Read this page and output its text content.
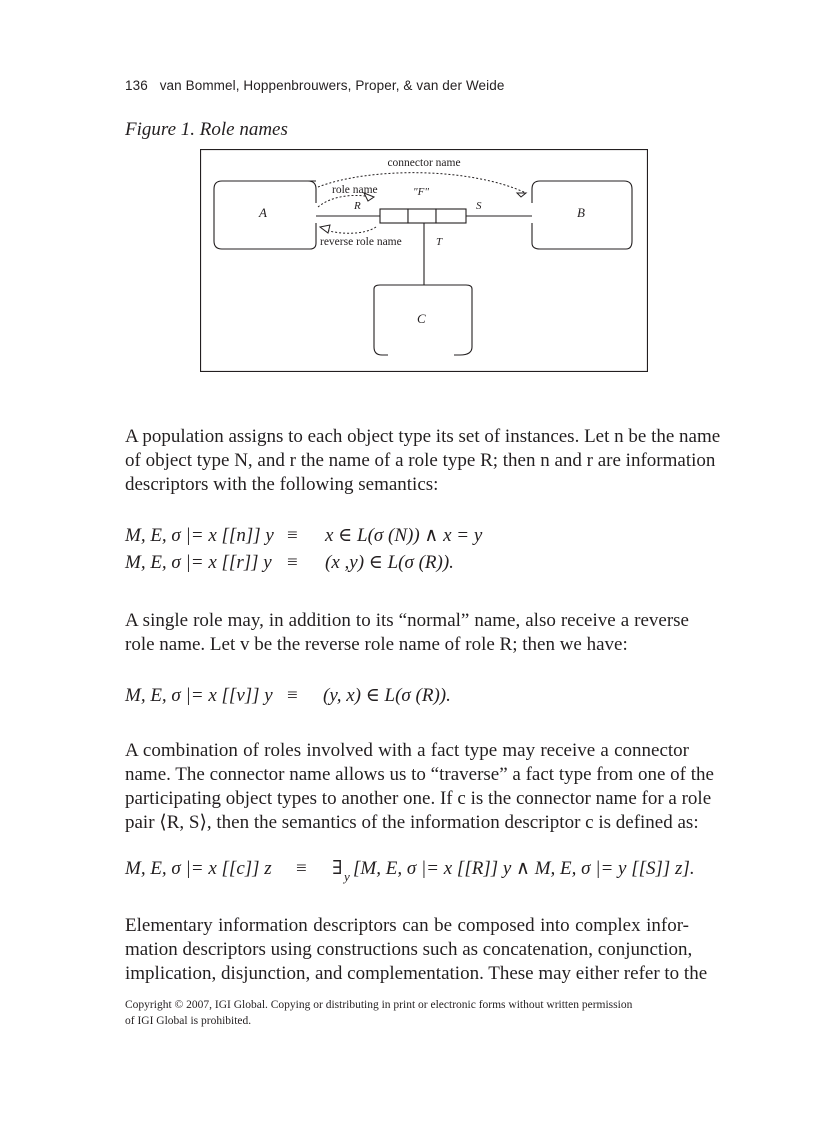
136 van Bommel, Hoppenbrouwers, Proper, & van der Weide
Figure 1. Role names
connector name
role name	"F"
R	S
T
reverse role name
A	B
C
A population assigns to each object type its set of instances. Let n be the name
of object type N, and r the name of a role type R; then n and r are information
descriptors with the following semantics:
M, E, σ |= x [[n]] y ≡ x ∈ L(σ (N)) ∧ x = y
M, E, σ |= x [[r]] y ≡ (x ,y) ∈ L(σ (R)).
A single role may, in addition to its “normal” name, also receive a reverse
role name. Let v be the reverse role name of role R; then we have:
M, E, σ |= x [[v]] y ≡ (y, x) ∈ L(σ (R)).
A combination of roles involved with a fact type may receive a connector
name. The connector name allows us to “traverse” a fact type from one of the
participating object types to another one. If c is the connector name for a role
pair ⟨R, S⟩, then the semantics of the information descriptor c is defined as:
M, E, σ |= x [[c]] z ≡ ∃ y [M, E, σ |= x [[R]] y ∧ M, E, σ |= y [[S]] z].
Elementary information descriptors can be composed into complex infor-
mation descriptors using constructions such as concatenation, conjunction,
implication, disjunction, and complementation. These may either refer to the
Copyright © 2007, IGI Global. Copying or distributing in print or electronic forms without written permission
of IGI Global is prohibited.
